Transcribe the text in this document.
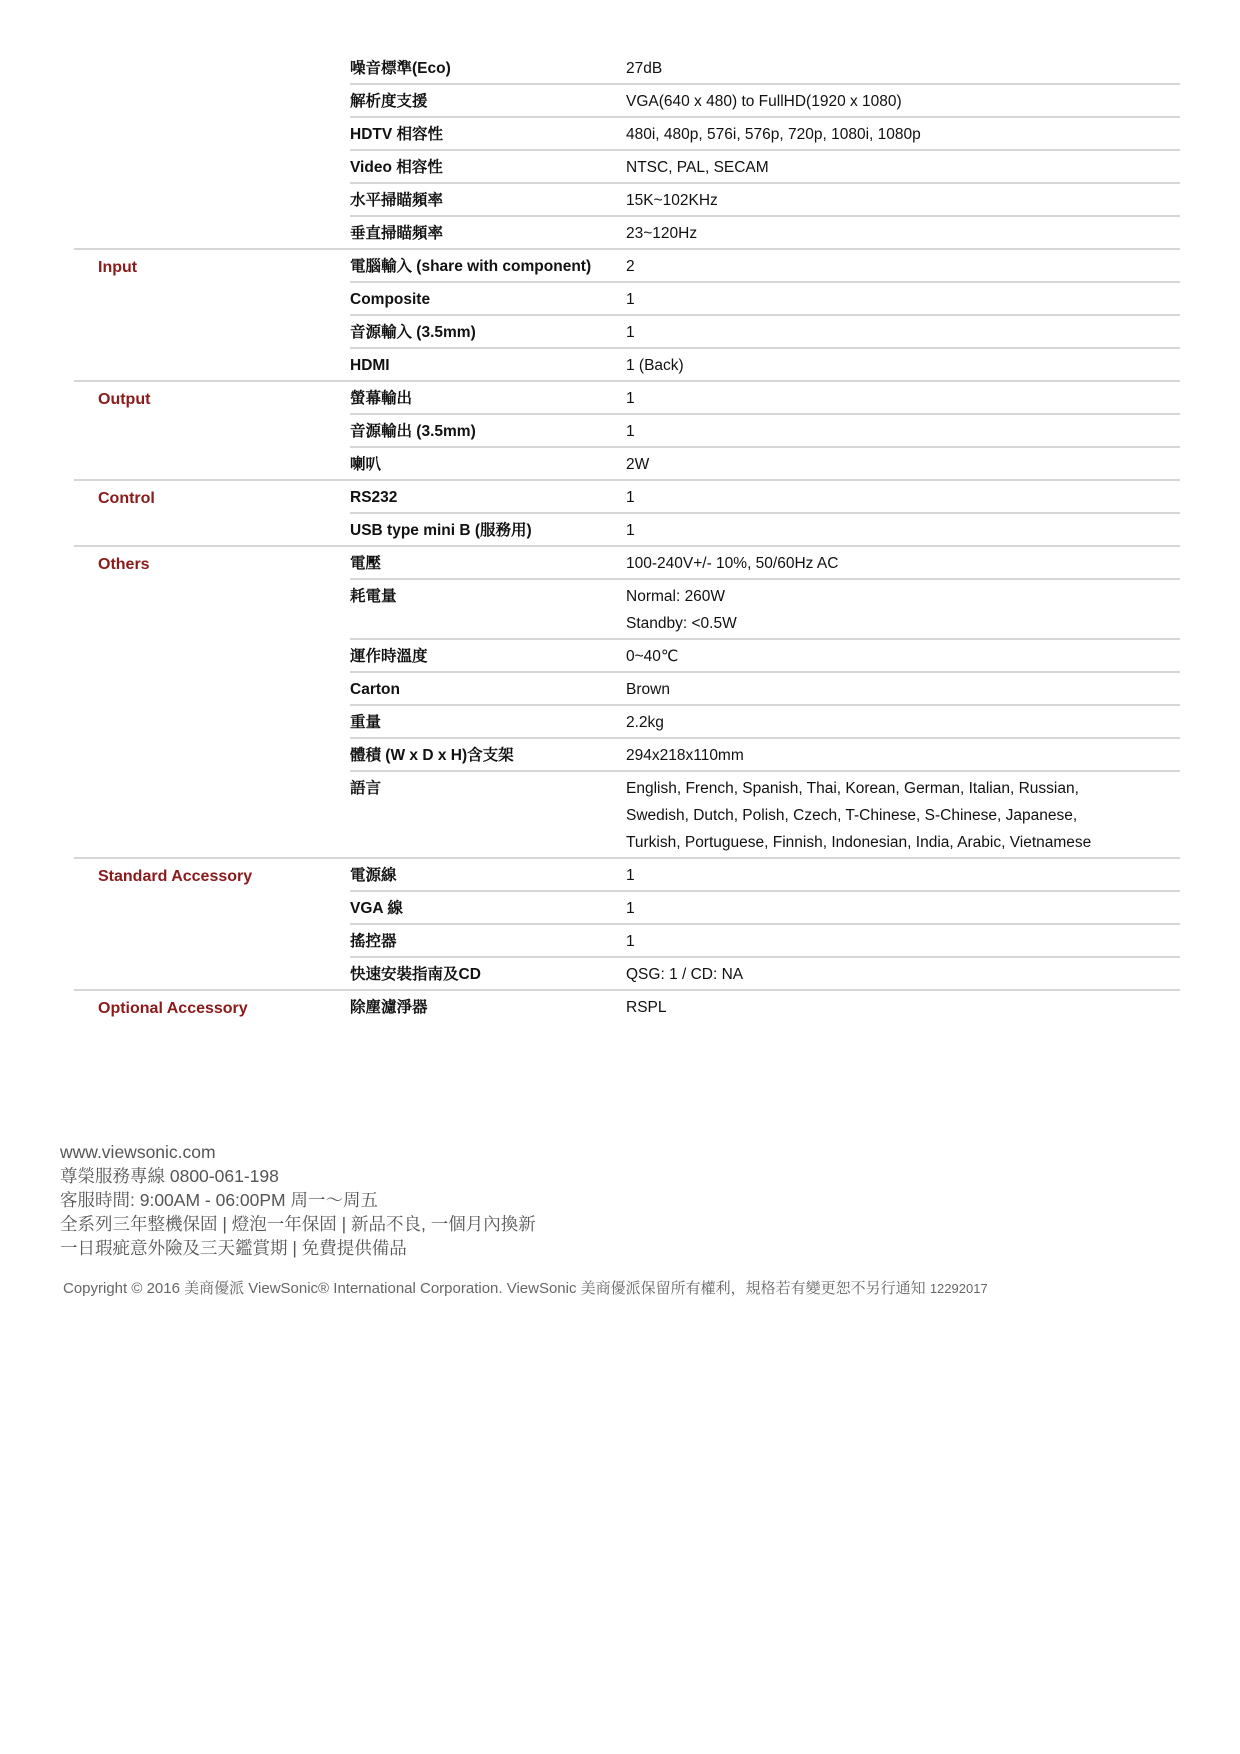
噪音標準(Eco)	27dB
解析度支援	VGA(640 x 480) to FullHD(1920 x 1080)
HDTV 相容性	480i, 480p, 576i, 576p, 720p, 1080i, 1080p
Video 相容性	NTSC, PAL, SECAM
水平掃瞄頻率	15K~102KHz
垂直掃瞄頻率	23~120Hz
Input	電腦輸入 (share with component)	2
Composite	1
音源輸入 (3.5mm)	1
HDMI	1 (Back)
Output	螢幕輸出	1
音源輸出 (3.5mm)	1
喇叭	2W
Control	RS232	1
USB type mini B (服務用)	1
Others	電壓	100-240V+/- 10%, 50/60Hz AC
耗電量	Normal: 260W
Standby: <0.5W
運作時溫度	0~40℃
Carton	Brown
重量	2.2kg
體積 (W x D x H)含支架	294x218x110mm
語言	English, French, Spanish, Thai, Korean, German, Italian, Russian,
Swedish, Dutch, Polish, Czech, T-Chinese, S-Chinese, Japanese,
Turkish, Portuguese, Finnish, Indonesian, India, Arabic, Vietnamese
Standard Accessory	電源線	1
VGA 線	1
搖控器	1
快速安裝指南及CD	QSG: 1 / CD: NA
Optional Accessory	除塵濾淨器	RSPL
www.viewsonic.com
尊榮服務專線 0800-061-198
客服時間: 9:00AM - 06:00PM 周一～周五
全系列三年整機保固 | 燈泡一年保固 | 新品不良, 一個月內換新
一日瑕疵意外險及三天鑑賞期 | 免費提供備品
Copyright © 2016 美商優派 ViewSonic® International Corporation. ViewSonic 美商優派保留所有權利，規格若有變更恕不另行通知 12292017
